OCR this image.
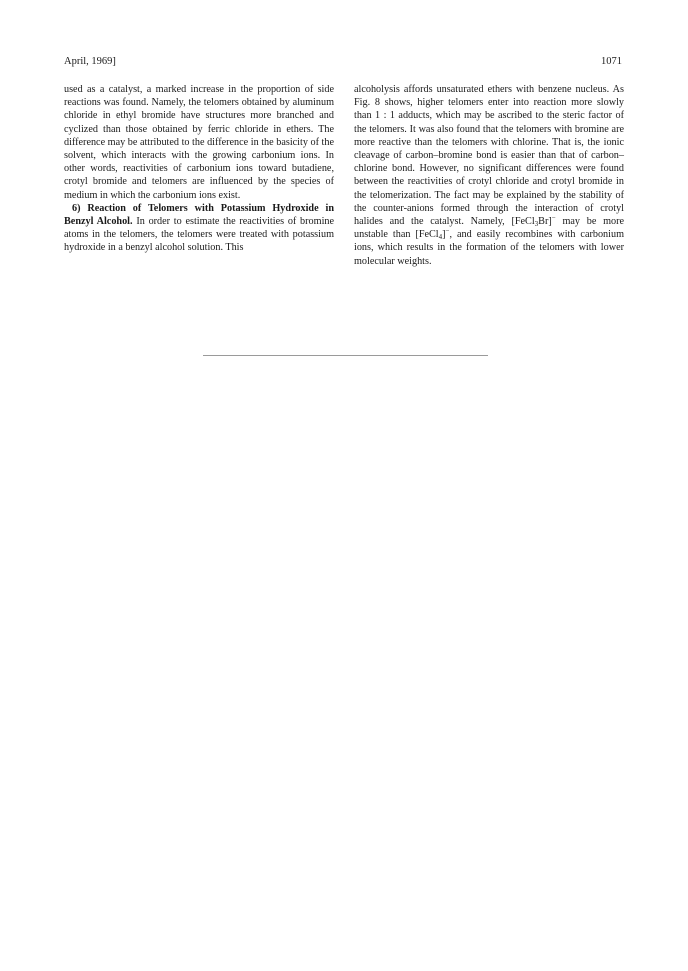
April, 1969]	1071

used as a catalyst, a marked increase in the proportion of side reactions was found. Namely, the telomers obtained by aluminum chloride in ethyl bromide have structures more branched and cyclized than those obtained by ferric chloride in ethers. The difference may be attributed to the difference in the basicity of the solvent, which interacts with the growing carbonium ions. In other words, reactivities of carbonium ions toward butadiene, crotyl bromide and telomers are influenced by the species of medium in which the carbonium ions exist.

6) Reaction of Telomers with Potassium Hydroxide in Benzyl Alcohol. In order to estimate the reactivities of bromine atoms in the telomers, the telomers were treated with potassium hydroxide in a benzyl alcohol solution. This

alcoholysis affords unsaturated ethers with benzene nucleus. As Fig. 8 shows, higher telomers enter into reaction more slowly than 1 : 1 adducts, which may be ascribed to the steric factor of the telomers. It was also found that the telomers with bromine are more reactive than the telomers with chlorine. That is, the ionic cleavage of carbon–bromine bond is easier than that of carbon–chlorine bond. However, no significant differences were found between the reactivities of crotyl chloride and crotyl bromide in the telomerization. The fact may be explained by the stability of the counter-anions formed through the interaction of crotyl halides and the catalyst. Namely, [FeCl$_3$Br]− may be more unstable than [FeCl$_4$]−, and easily recombines with carbonium ions, which results in the formation of the telomers with lower molecular weights.
